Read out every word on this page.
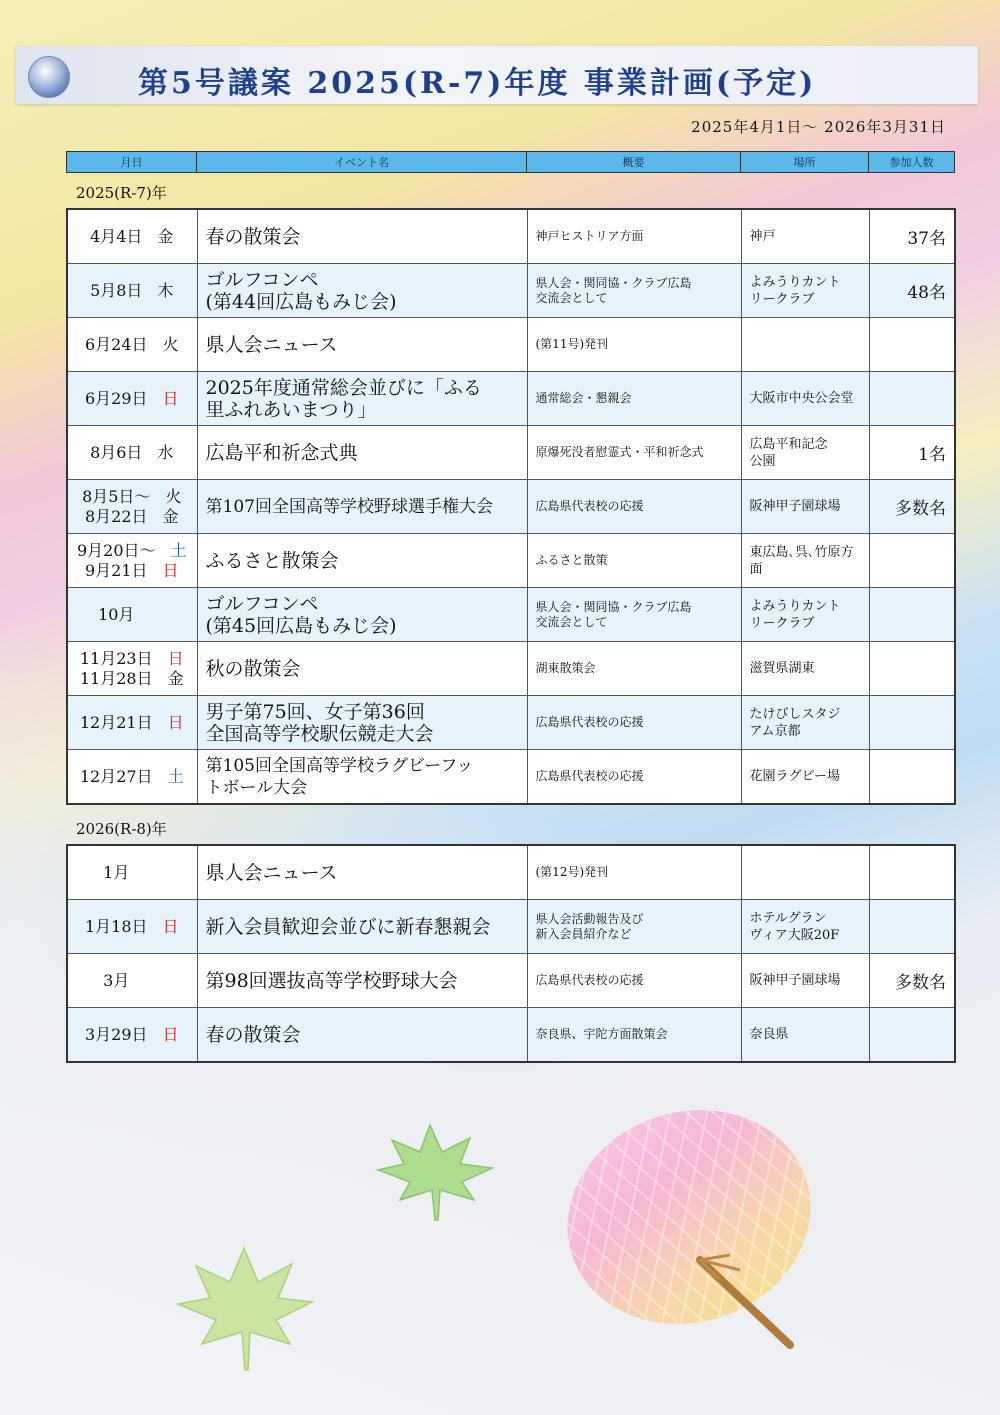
第5号議案 2025(R-7)年度 事業計画(予定)
2025年4月1日～ 2026年3月31日
月日	イベント名	概要	場所	参加人数
2025(R-7)年
4月4日 金	春の散策会	神戸ヒストリア方面	神戸	37名

5月8日 木	ゴルフコンペ
(第44回広島もみじ会)	県人会・関同協・クラブ広島
交流会として	よみうりカント
リークラブ	48名

6月24日 火	県人会ニュース	(第11号)発刊		

6月29日 日	2025年度通常総会並びに「ふる
里ふれあいまつり」	通常総会・懇親会	大阪市中央公会堂	

8月6日 水	広島平和祈念式典	原爆死没者慰霊式・平和祈念式	広島平和記念
公園	1名

8月5日～ 火
8月22日 金	第107回全国高等学校野球選手権大会	広島県代表校の応援	阪神甲子園球場	多数名

9月20日～ 土
9月21日 日	ふるさと散策会	ふるさと散策	東広島､呉､竹原方面	

10月	ゴルフコンペ
(第45回広島もみじ会)	県人会・関同協・クラブ広島
交流会として	よみうりカント
リークラブ	

11月23日 日
11月28日 金	秋の散策会	湖東散策会	滋賀県湖東	

12月21日 日	男子第75回、女子第36回
全国高等学校駅伝競走大会	広島県代表校の応援	たけびしスタジ
アム京都	

12月27日 土	第105回全国高等学校ラグビーフッ
トボール大会	広島県代表校の応援	花園ラグビー場	
2026(R-8)年
1月	県人会ニュース	(第12号)発刊		

1月18日 日	新入会員歓迎会並びに新春懇親会	県人会活動報告及び
新入会員紹介など	ホテルグラン
ヴィア大阪20F	

3月	第98回選抜高等学校野球大会	広島県代表校の応援	阪神甲子園球場	多数名

3月29日 日	春の散策会	奈良県、宇陀方面散策会	奈良県	
